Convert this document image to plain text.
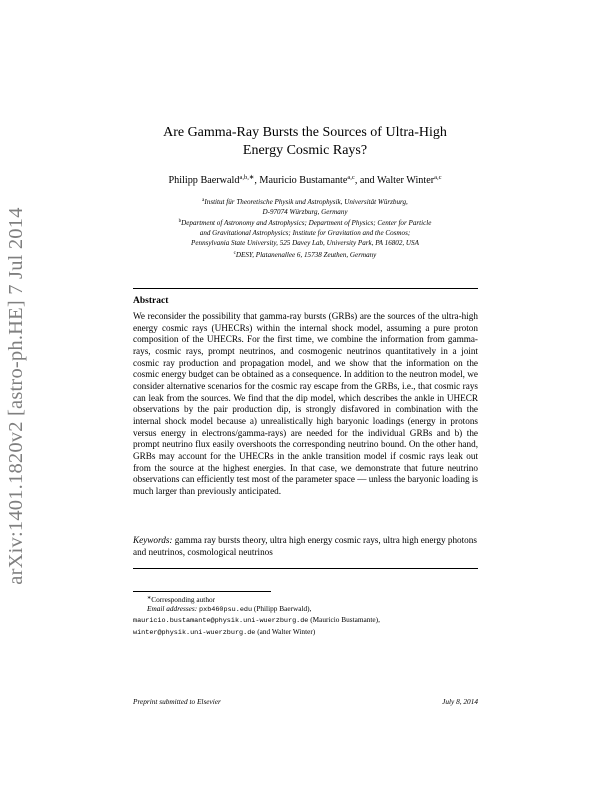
arXiv:1401.1820v2 [astro-ph.HE] 7 Jul 2014
Are Gamma-Ray Bursts the Sources of Ultra-High
Energy Cosmic Rays?
Philipp Baerwald$^{a,b,∗}$, Mauricio Bustamante$^{a,c}$, and Walter Winter$^{a,c}$
$^a$Institut für Theoretische Physik und Astrophysik, Universität Würzburg,
D-97074 Würzburg, Germany
$^b$Department of Astronomy and Astrophysics; Department of Physics; Center for Particle
and Gravitational Astrophysics; Institute for Gravitation and the Cosmos;
Pennsylvania State University, 525 Davey Lab, University Park, PA 16802, USA
$^c$DESY, Platanenallee 6, 15738 Zeuthen, Germany
Abstract
We reconsider the possibility that gamma-ray bursts (GRBs) are the sources of the ultra-high energy cosmic rays (UHECRs) within the internal shock model, assuming a pure proton composition of the UHECRs. For the first time, we combine the information from gamma-rays, cosmic rays, prompt neutrinos, and cosmogenic neutrinos quantitatively in a joint cosmic ray production and propagation model, and we show that the information on the cosmic energy budget can be obtained as a consequence. In addition to the neutron model, we consider alternative scenarios for the cosmic ray escape from the GRBs, i.e., that cosmic rays can leak from the sources. We find that the dip model, which describes the ankle in UHECR observations by the pair production dip, is strongly disfavored in combination with the internal shock model because a) unrealistically high baryonic loadings (energy in protons versus energy in electrons/gamma-rays) are needed for the individual GRBs and b) the prompt neutrino flux easily overshoots the corresponding neutrino bound. On the other hand, GRBs may account for the UHECRs in the ankle transition model if cosmic rays leak out from the source at the highest energies. In that case, we demonstrate that future neutrino observations can efficiently test most of the parameter space — unless the baryonic loading is much larger than previously anticipated.
Keywords: gamma ray bursts theory, ultra high energy cosmic rays, ultra high energy photons and neutrinos, cosmological neutrinos
∗Corresponding author
Email addresses: pxb460psu.edu (Philipp Baerwald),
mauricio.bustamante@physik.uni-wuerzburg.de (Mauricio Bustamante),
winter@physik.uni-wuerzburg.de (and Walter Winter)
Preprint submitted to Elsevier	July 8, 2014
